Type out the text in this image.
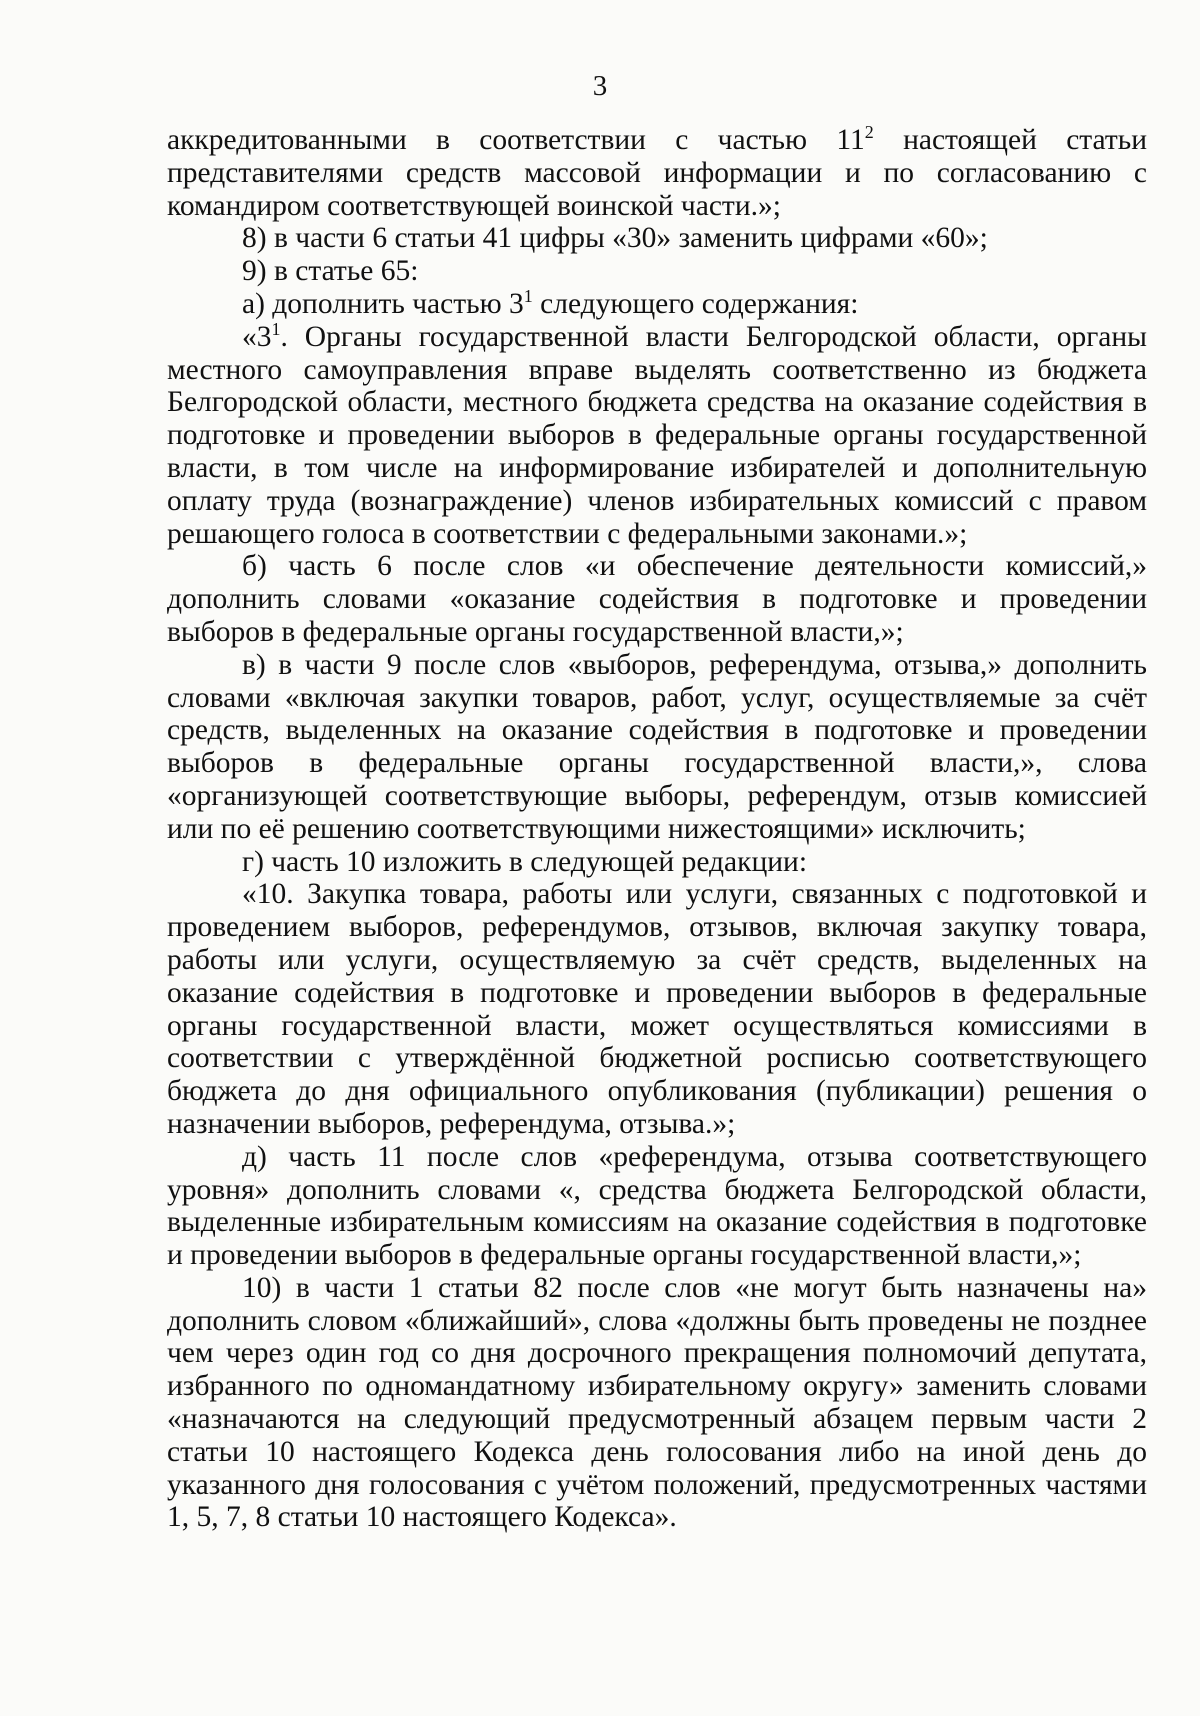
3

аккредитованными в соответствии с частью $11^2$ настоящей статьи представителями средств массовой информации и по согласованию с командиром соответствующей воинской части.»;

8) в части 6 статьи 41 цифры «30» заменить цифрами «60»;

9) в статье 65:

а) дополнить частью $3^1$ следующего содержания:

«$3^1$. Органы государственной власти Белгородской области, органы местного самоуправления вправе выделять соответственно из бюджета Белгородской области, местного бюджета средства на оказание содействия в подготовке и проведении выборов в федеральные органы государственной власти, в том числе на информирование избирателей и дополнительную оплату труда (вознаграждение) членов избирательных комиссий с правом решающего голоса в соответствии с федеральными законами.»;

б) часть 6 после слов «и обеспечение деятельности комиссий,» дополнить словами «оказание содействия в подготовке и проведении выборов в федеральные органы государственной власти,»;

в) в части 9 после слов «выборов, референдума, отзыва,» дополнить словами «включая закупки товаров, работ, услуг, осуществляемые за счёт средств, выделенных на оказание содействия в подготовке и проведении выборов в федеральные органы государственной власти,», слова «организующей соответствующие выборы, референдум, отзыв комиссией или по её решению соответствующими нижестоящими» исключить;

г) часть 10 изложить в следующей редакции:

«10. Закупка товара, работы или услуги, связанных с подготовкой и проведением выборов, референдумов, отзывов, включая закупку товара, работы или услуги, осуществляемую за счёт средств, выделенных на оказание содействия в подготовке и проведении выборов в федеральные органы государственной власти, может осуществляться комиссиями в соответствии с утверждённой бюджетной росписью соответствующего бюджета до дня официального опубликования (публикации) решения о назначении выборов, референдума, отзыва.»;

д) часть 11 после слов «референдума, отзыва соответствующего уровня» дополнить словами «, средства бюджета Белгородской области, выделенные избирательным комиссиям на оказание содействия в подготовке и проведении выборов в федеральные органы государственной власти,»;

10) в части 1 статьи 82 после слов «не могут быть назначены на» дополнить словом «ближайший», слова «должны быть проведены не позднее чем через один год со дня досрочного прекращения полномочий депутата, избранного по одномандатному избирательному округу» заменить словами «назначаются на следующий предусмотренный абзацем первым части 2 статьи 10 настоящего Кодекса день голосования либо на иной день до указанного дня голосования с учётом положений, предусмотренных частями 1, 5, 7, 8 статьи 10 настоящего Кодекса».
